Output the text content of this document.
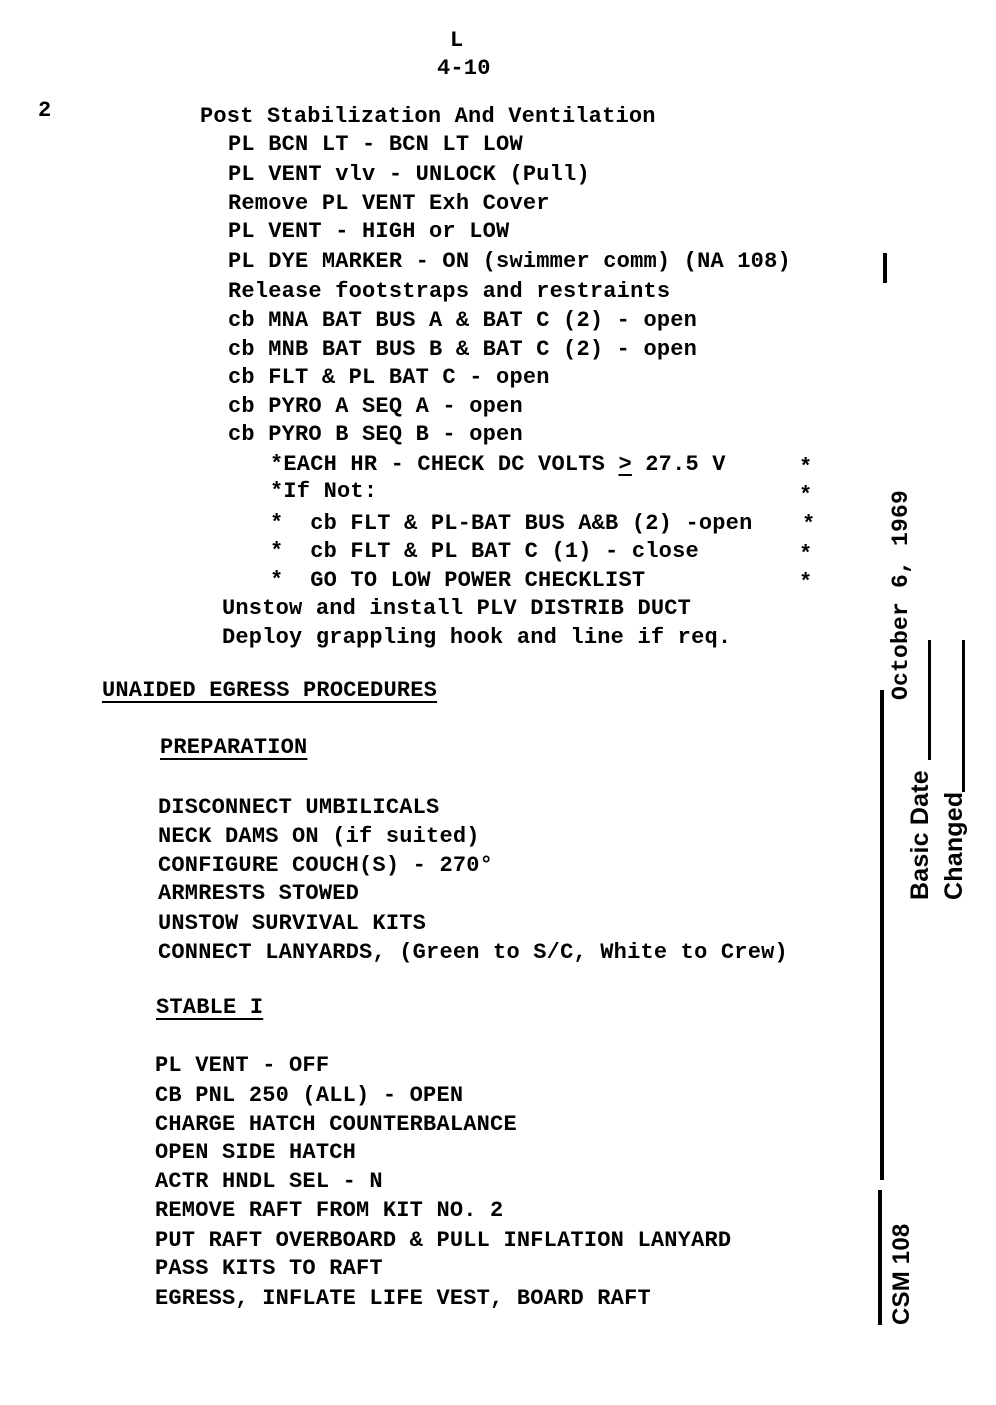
L
4-10
2	Post Stabilization And Ventilation
PL BCN LT - BCN LT LOW
PL VENT vlv - UNLOCK (Pull)
Remove PL VENT Exh Cover
PL VENT - HIGH or LOW
PL DYE MARKER - ON (swimmer comm) (NA 108)
Release footstraps and restraints
cb MNA BAT BUS A & BAT C (2) - open
cb MNB BAT BUS B & BAT C (2) - open
cb FLT & PL BAT C - open
cb PYRO A SEQ A - open
cb PYRO B SEQ B - open
*EACH HR - CHECK DC VOLTS > 27.5 V	*
*If Not:	*
*  cb FLT & PL-BAT BUS A&B (2) -open *
*  cb FLT & PL BAT C (1) - close	*
*  GO TO LOW POWER CHECKLIST	*
Unstow and install PLV DISTRIB DUCT
Deploy grappling hook and line if req.
UNAIDED EGRESS PROCEDURES
PREPARATION
DISCONNECT UMBILICALS
NECK DAMS ON (if suited)
CONFIGURE COUCH(S) - 270°
ARMRESTS STOWED
UNSTOW SURVIVAL KITS
CONNECT LANYARDS, (Green to S/C, White to Crew)
STABLE I
PL VENT - OFF
CB PNL 250 (ALL) - OPEN
CHARGE HATCH COUNTERBALANCE
OPEN SIDE HATCH
ACTR HNDL SEL - N
REMOVE RAFT FROM KIT NO. 2
PUT RAFT OVERBOARD & PULL INFLATION LANYARD
PASS KITS TO RAFT
EGRESS, INFLATE LIFE VEST, BOARD RAFT
October 6, 1969
Basic Date Changed
CSM 108
